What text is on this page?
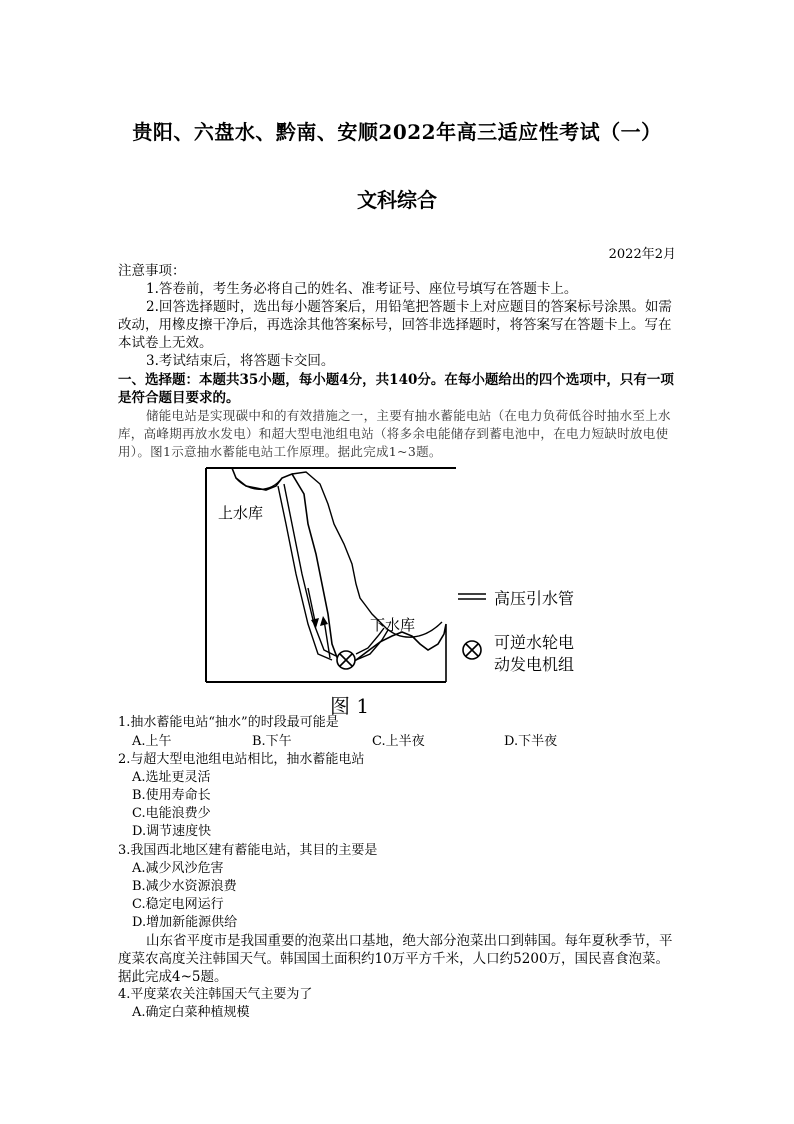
贵阳、六盘水、黔南、安顺2022年高三适应性考试（一）
文科综合
2022年2月
注意事项：
1.答卷前，考生务必将自己的姓名、准考证号、座位号填写在答题卡上。
2.回答选择题时，选出每小题答案后，用铅笔把答题卡上对应题目的答案标号涂黑。如需改动，用橡皮擦干净后，再选涂其他答案标号，回答非选择题时，将答案写在答题卡上。写在本试卷上无效。
3.考试结束后，将答题卡交回。
一、选择题：本题共35小题，每小题4分，共140分。在每小题给出的四个选项中，只有一项是符合题目要求的。
储能电站是实现碳中和的有效措施之一，主要有抽水蓄能电站（在电力负荷低谷时抽水至上水库，高峰期再放水发电）和超大型电池组电站（将多余电能储存到蓄电池中，在电力短缺时放电使用）。图1示意抽水蓄能电站工作原理。据此完成1~3题。
上水库
下水库
高压引水管
可逆水轮电
动发电机组
图 1
1.抽水蓄能电站“抽水”的时段最可能是
A.上午	B.下午	C.上半夜	D.下半夜
2.与超大型电池组电站相比，抽水蓄能电站
A.选址更灵活
B.使用寿命长
C.电能浪费少
D.调节速度快
3.我国西北地区建有蓄能电站，其目的主要是
A.减少风沙危害
B.减少水资源浪费
C.稳定电网运行
D.增加新能源供给
山东省平度市是我国重要的泡菜出口基地，绝大部分泡菜出口到韩国。每年夏秋季节，平度菜农高度关注韩国天气。韩国国土面积约10万平方千米，人口约5200万，国民喜食泡菜。据此完成4~5题。
4.平度菜农关注韩国天气主要为了
A.确定白菜种植规模
